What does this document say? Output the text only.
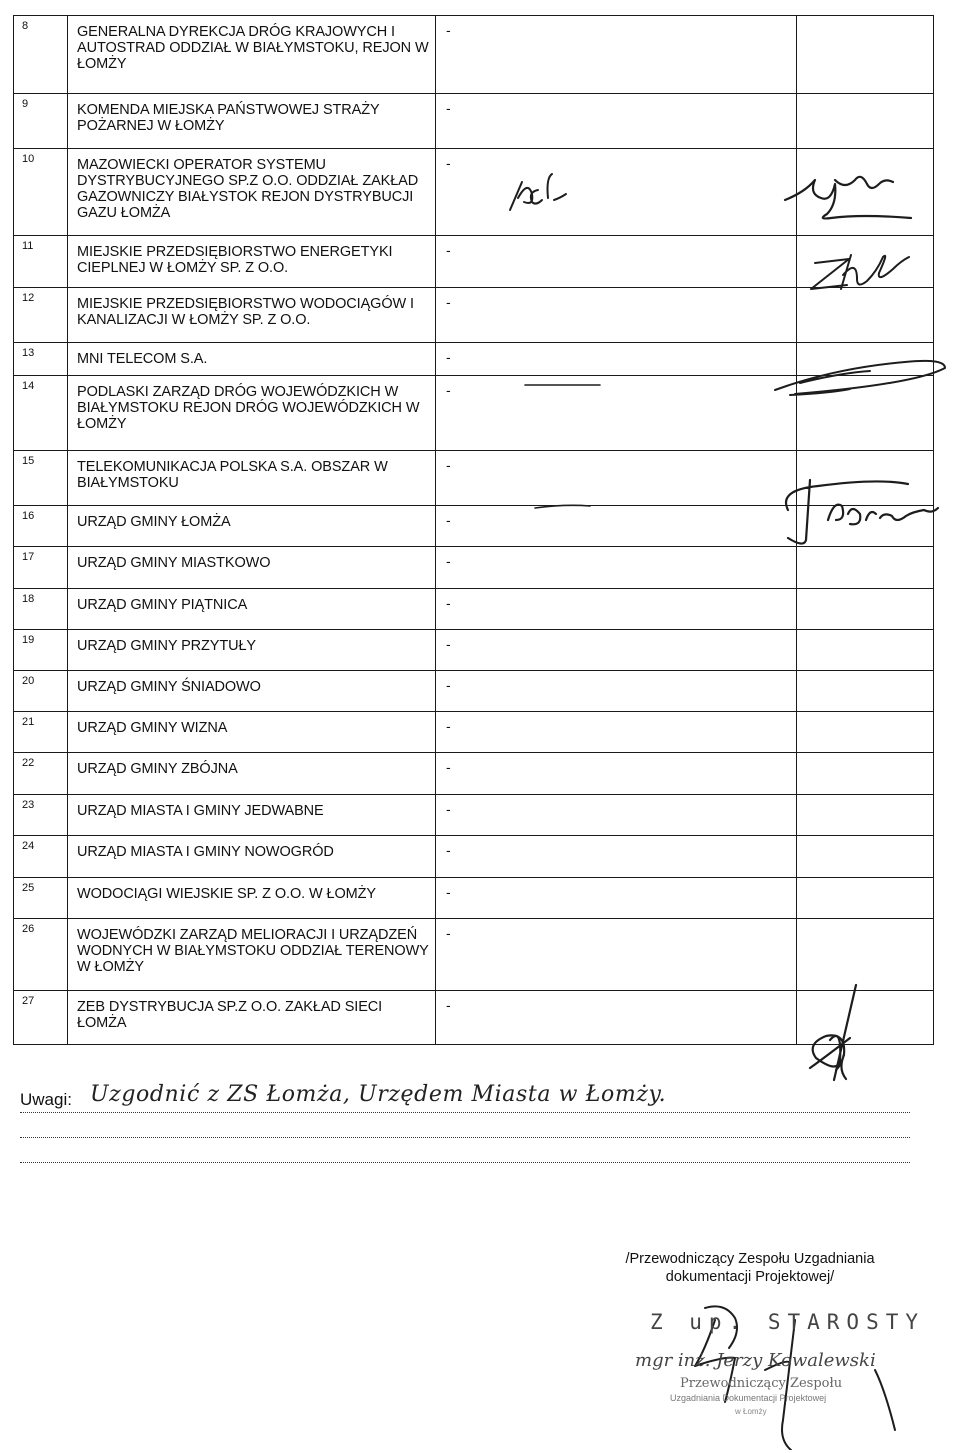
8	GENERALNA DYREKCJA DRÓG KRAJOWYCH I AUTOSTRAD ODDZIAŁ W BIAŁYMSTOKU, REJON W ŁOMŻY	-	
9	KOMENDA MIEJSKA PAŃSTWOWEJ STRAŻY POŻARNEJ W ŁOMŻY	-	
10	MAZOWIECKI OPERATOR SYSTEMU DYSTRYBUCYJNEGO SP.Z O.O. ODDZIAŁ ZAKŁAD GAZOWNICZY BIAŁYSTOK REJON DYSTRYBUCJI GAZU ŁOMŻA	-	
11	MIEJSKIE PRZEDSIĘBIORSTWO ENERGETYKI CIEPLNEJ W ŁOMŻY SP. Z O.O.	-	
12	MIEJSKIE PRZEDSIĘBIORSTWO WODOCIĄGÓW I KANALIZACJI W ŁOMŻY SP. Z O.O.	-	
13	MNI TELECOM S.A.	-	
14	PODLASKI ZARZĄD DRÓG WOJEWÓDZKICH W BIAŁYMSTOKU REJON DRÓG WOJEWÓDZKICH W ŁOMŻY	-	
15	TELEKOMUNIKACJA POLSKA S.A. OBSZAR W BIAŁYMSTOKU	-	
16	URZĄD GMINY ŁOMŻA	-	
17	URZĄD GMINY MIASTKOWO	-	
18	URZĄD GMINY PIĄTNICA	-	
19	URZĄD GMINY PRZYTUŁY	-	
20	URZĄD GMINY ŚNIADOWO	-	
21	URZĄD GMINY WIZNA	-	
22	URZĄD GMINY ZBÓJNA	-	
23	URZĄD MIASTA I GMINY JEDWABNE	-	
24	URZĄD MIASTA I GMINY NOWOGRÓD	-	
25	WODOCIĄGI WIEJSKIE SP. Z O.O. W ŁOMŻY	-	
26	WOJEWÓDZKI ZARZĄD MELIORACJI I URZĄDZEŃ WODNYCH W BIAŁYMSTOKU ODDZIAŁ TERENOWY W ŁOMŻY	-	
27	ZEB DYSTRYBUCJA SP.Z O.O. ZAKŁAD SIECI ŁOMŻA	-	
Uwagi: Uzgodnić z ZS Łomża, Urzędem Miasta w Łomży.
/Przewodniczący Zespołu Uzgadniania
dokumentacji Projektowej/
Z up. STAROSTY
mgr inż. Jerzy Kowalewski
Przewodniczący Zespołu
Uzgadniania Dokumentacji Projektowej
w Łomży
